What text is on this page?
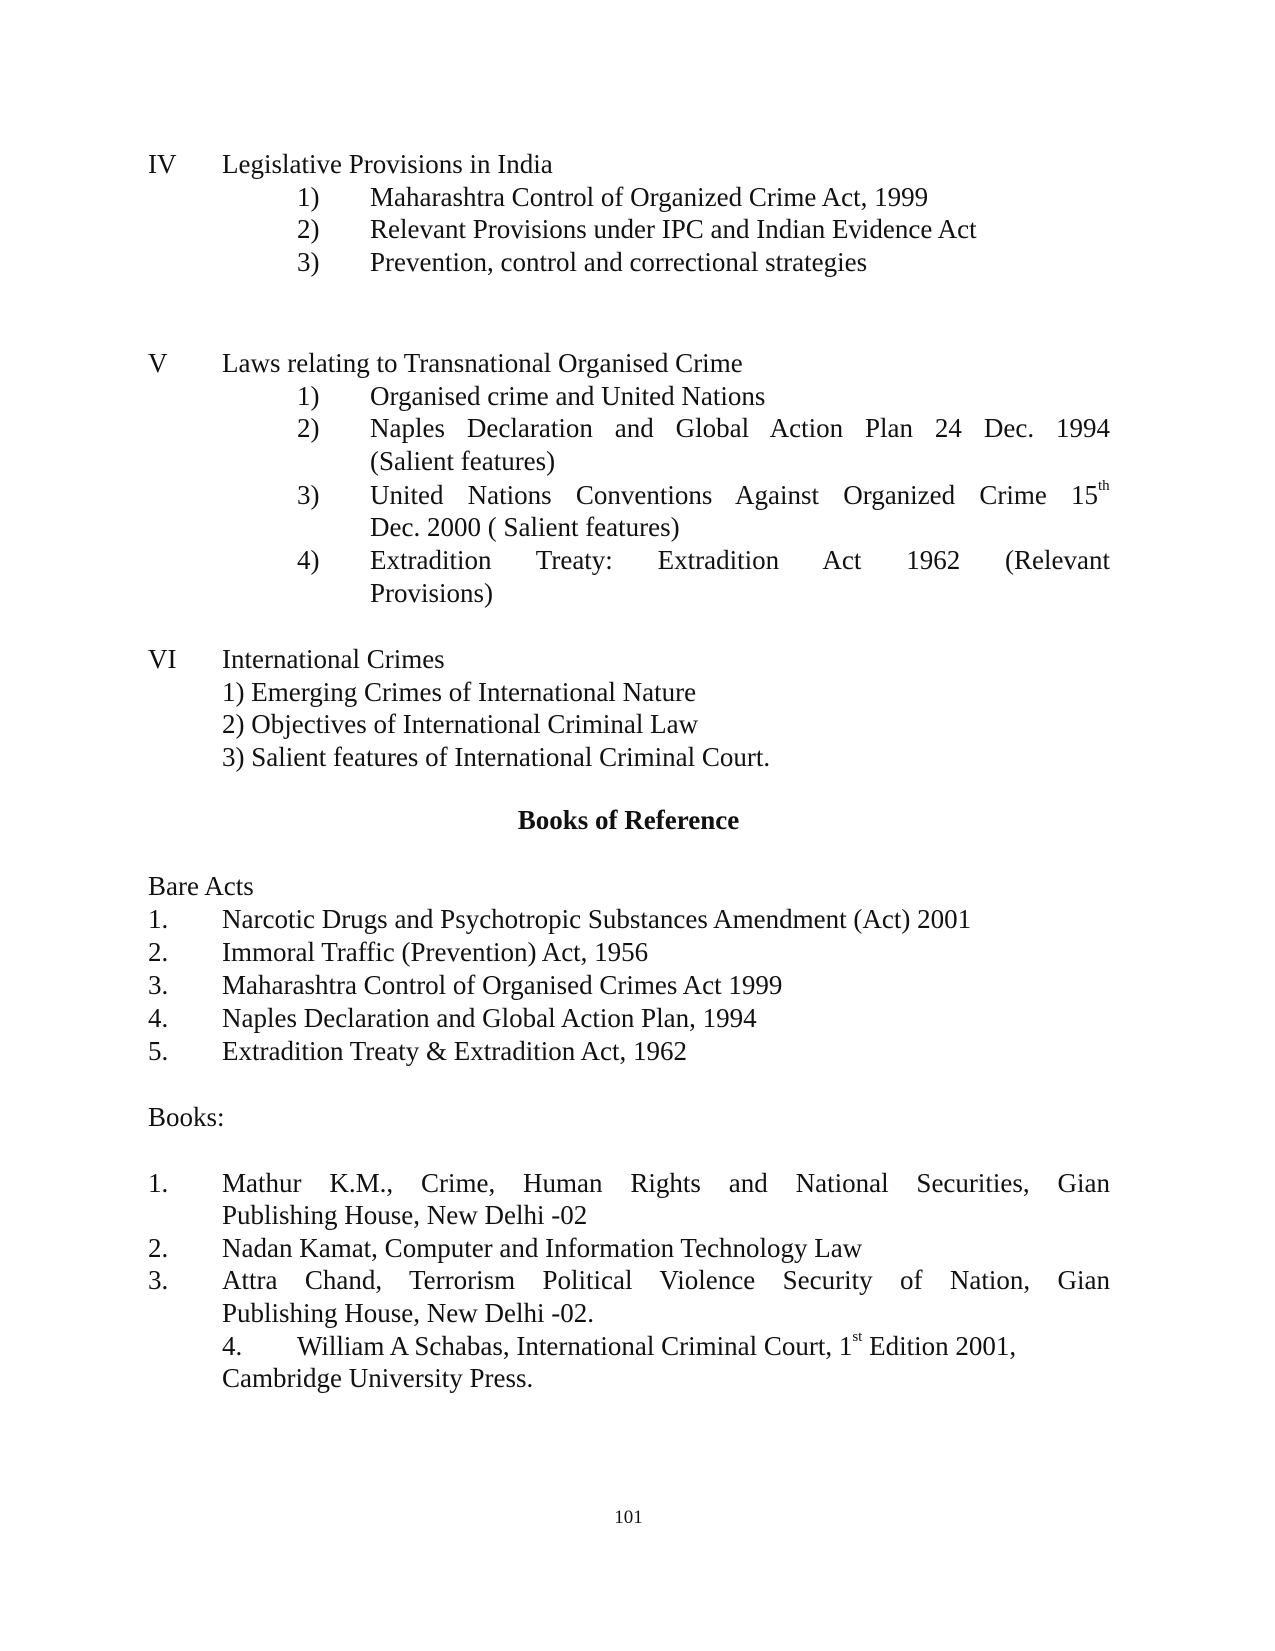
IV Legislative Provisions in India
1) Maharashtra Control of Organized Crime Act, 1999
2) Relevant Provisions under IPC and Indian Evidence Act
3) Prevention, control and correctional strategies
V Laws relating to Transnational Organised Crime
1) Organised crime and United Nations
2) Naples Declaration and Global Action Plan 24 Dec. 1994
(Salient features)
3) United Nations Conventions Against Organized Crime 15 th
Dec. 2000 ( Salient features)
4) Extradition Treaty: Extradition Act 1962 (Relevant
Provisions)
VI International Crimes
1) Emerging Crimes of International Nature
2) Objectives of International Criminal Law
3) Salient features of International Criminal Court.
Books of Reference
Bare Acts
1. Narcotic Drugs and Psychotropic Substances Amendment (Act) 2001
2. Immoral Traffic (Prevention) Act, 1956
3. Maharashtra Control of Organised Crimes Act 1999
4. Naples Declaration and Global Action Plan, 1994
5. Extradition Treaty & Extradition Act, 1962
Books:
1. Mathur K.M., Crime, Human Rights and National Securities, Gian
Publishing House, New Delhi -02
2. Nadan Kamat, Computer and Information Technology Law
3. Attra Chand, Terrorism Political Violence Security of Nation, Gian
Publishing House, New Delhi -02.
4. William A Schabas, International Criminal Court, 1st Edition 2001,
Cambridge University Press.
101
